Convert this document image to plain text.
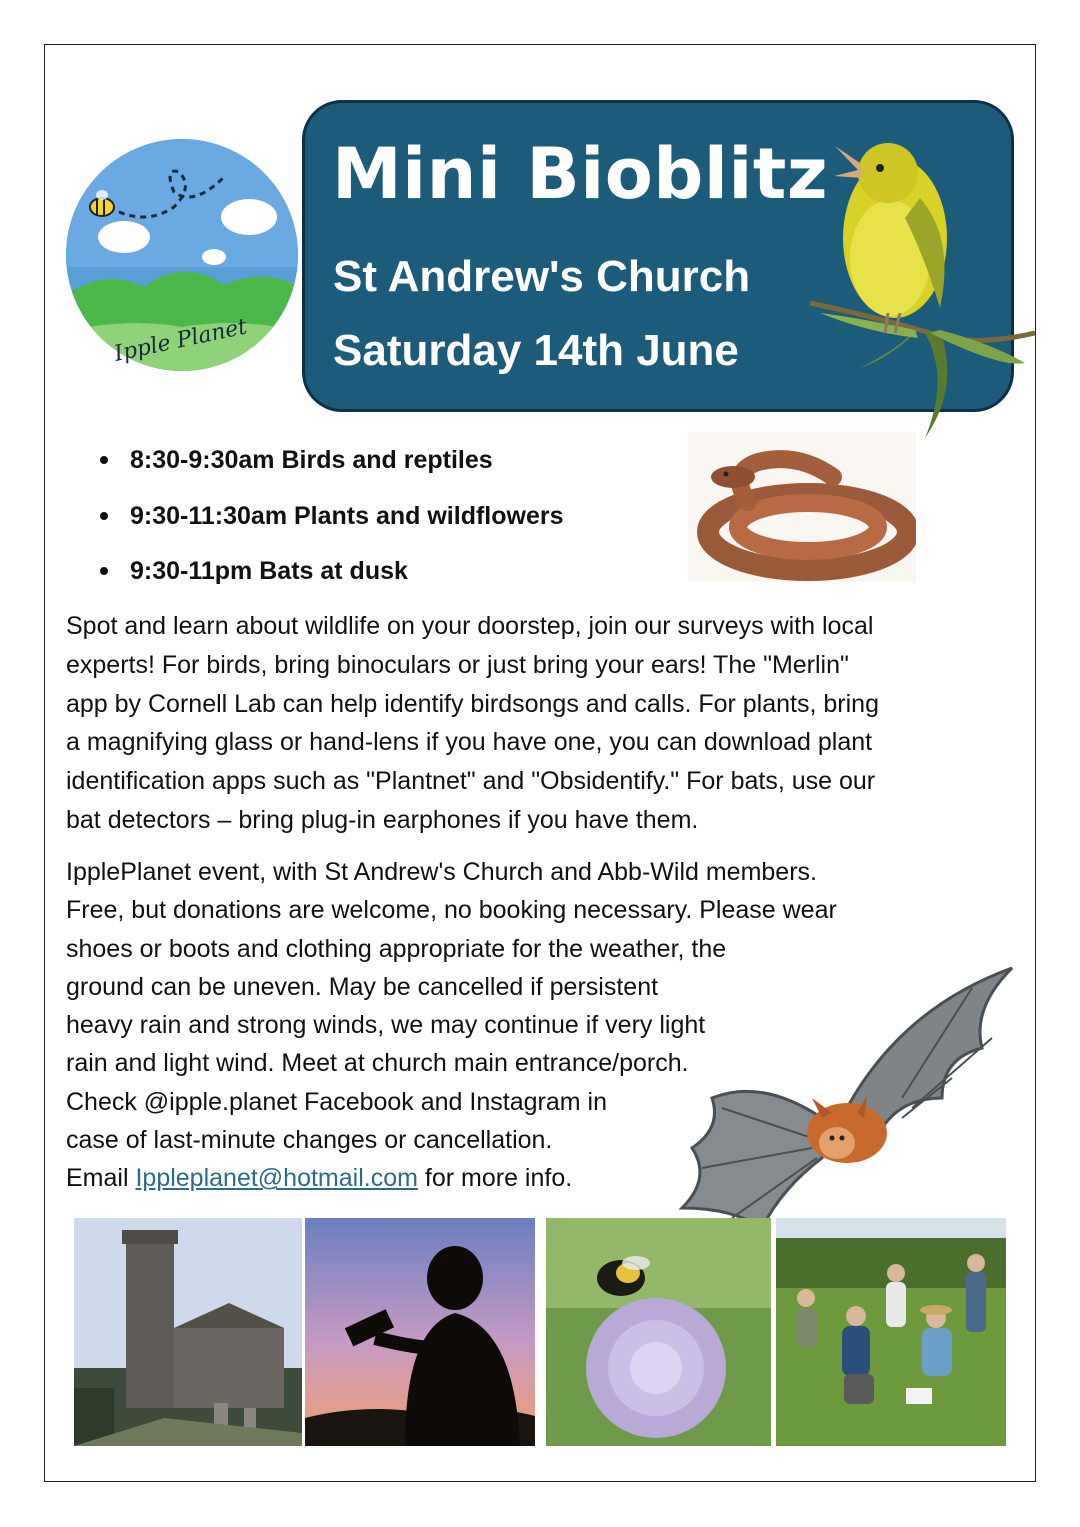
Ipple Planet
Mini Bioblitz
St Andrew's Church
Saturday 14th June
8:30-9:30am Birds and reptiles
9:30-11:30am Plants and wildflowers
9:30-11pm Bats at dusk
Spot and learn about wildlife on your doorstep, join our surveys with local
experts! For birds, bring binoculars or just bring your ears! The "Merlin"
app by Cornell Lab can help identify birdsongs and calls. For plants, bring
a magnifying glass or hand-lens if you have one, you can download plant
identification apps such as "Plantnet" and "Obsidentify." For bats, use our
bat detectors – bring plug-in earphones if you have them.
IpplePlanet event, with St Andrew's Church and Abb-Wild members.
Free, but donations are welcome, no booking necessary. Please wear
shoes or boots and clothing appropriate for the weather, the
ground can be uneven. May be cancelled if persistent
heavy rain and strong winds, we may continue if very light
rain and light wind. Meet at church main entrance/porch.
Check @ipple.planet Facebook and Instagram in
case of last-minute changes or cancellation.
Email Ippleplanet@hotmail.com for more info.
